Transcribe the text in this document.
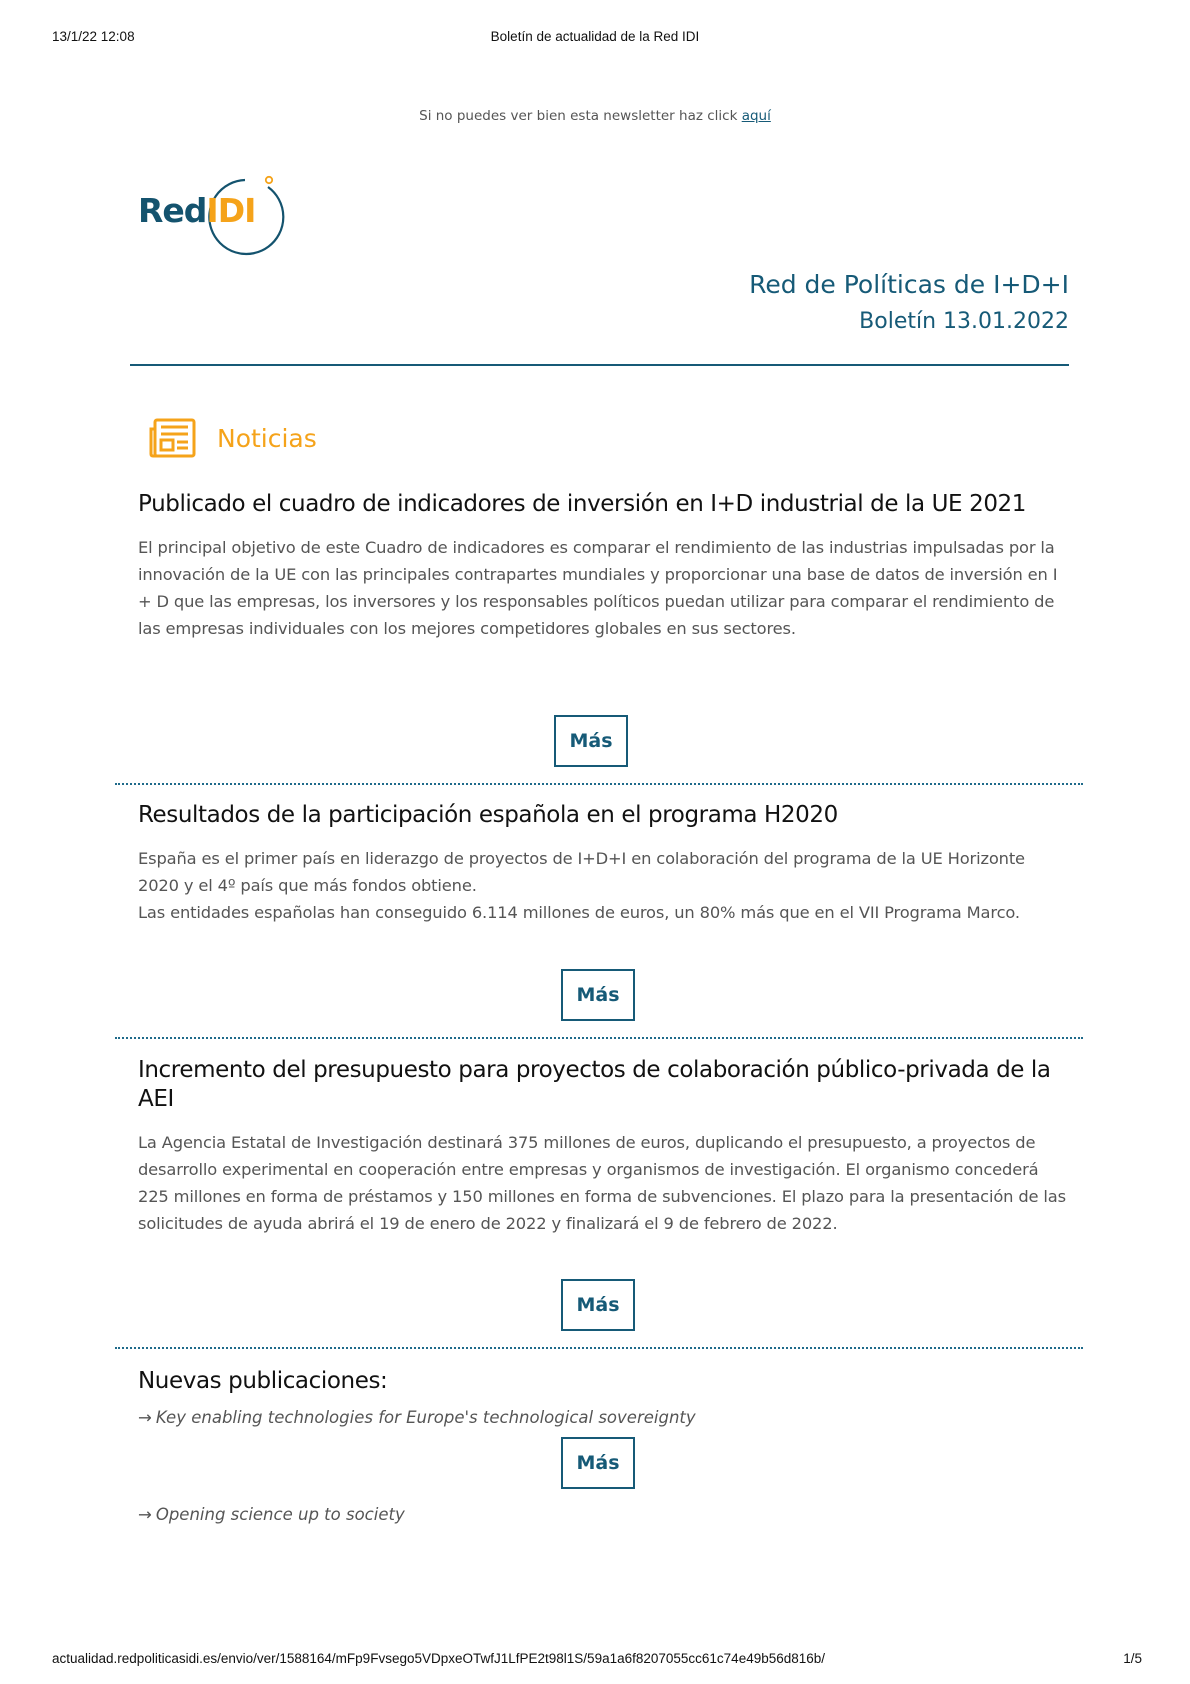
13/1/22 12:08	Boletín de actualidad de la Red IDI
Si no puedes ver bien esta newsletter haz click aquí
RedIDI
Red de Políticas de I+D+I
Boletín 13.01.2022
Noticias
Publicado el cuadro de indicadores de inversión en I+D industrial de la UE 2021

El principal objetivo de este Cuadro de indicadores es comparar el rendimiento de las industrias impulsadas por la innovación de la UE con las principales contrapartes mundiales y proporcionar una base de datos de inversión en I + D que las empresas, los inversores y los responsables políticos puedan utilizar para comparar el rendimiento de las empresas individuales con los mejores competidores globales en sus sectores.

Más
Resultados de la participación española en el programa H2020

España es el primer país en liderazgo de proyectos de I+D+I en colaboración del programa de la UE Horizonte 2020 y el 4º país que más fondos obtiene.

Las entidades españolas han conseguido 6.114 millones de euros, un 80% más que en el VII Programa Marco.

Más
Incremento del presupuesto para proyectos de colaboración público-privada de la AEI

La Agencia Estatal de Investigación destinará 375 millones de euros, duplicando el presupuesto, a proyectos de desarrollo experimental en cooperación entre empresas y organismos de investigación. El organismo concederá 225 millones en forma de préstamos y 150 millones en forma de subvenciones. El plazo para la presentación de las solicitudes de ayuda abrirá el 19 de enero de 2022 y finalizará el 9 de febrero de 2022.

Más
Nuevas publicaciones:
→ Key enabling technologies for Europe's technological sovereignty
Más
→ Opening science up to society
actualidad.redpoliticasidi.es/envio/ver/1588164/mFp9Fvsego5VDpxeOTwfJ1LfPE2t98l1S/59a1a6f8207055cc61c74e49b56d816b/	1/5
